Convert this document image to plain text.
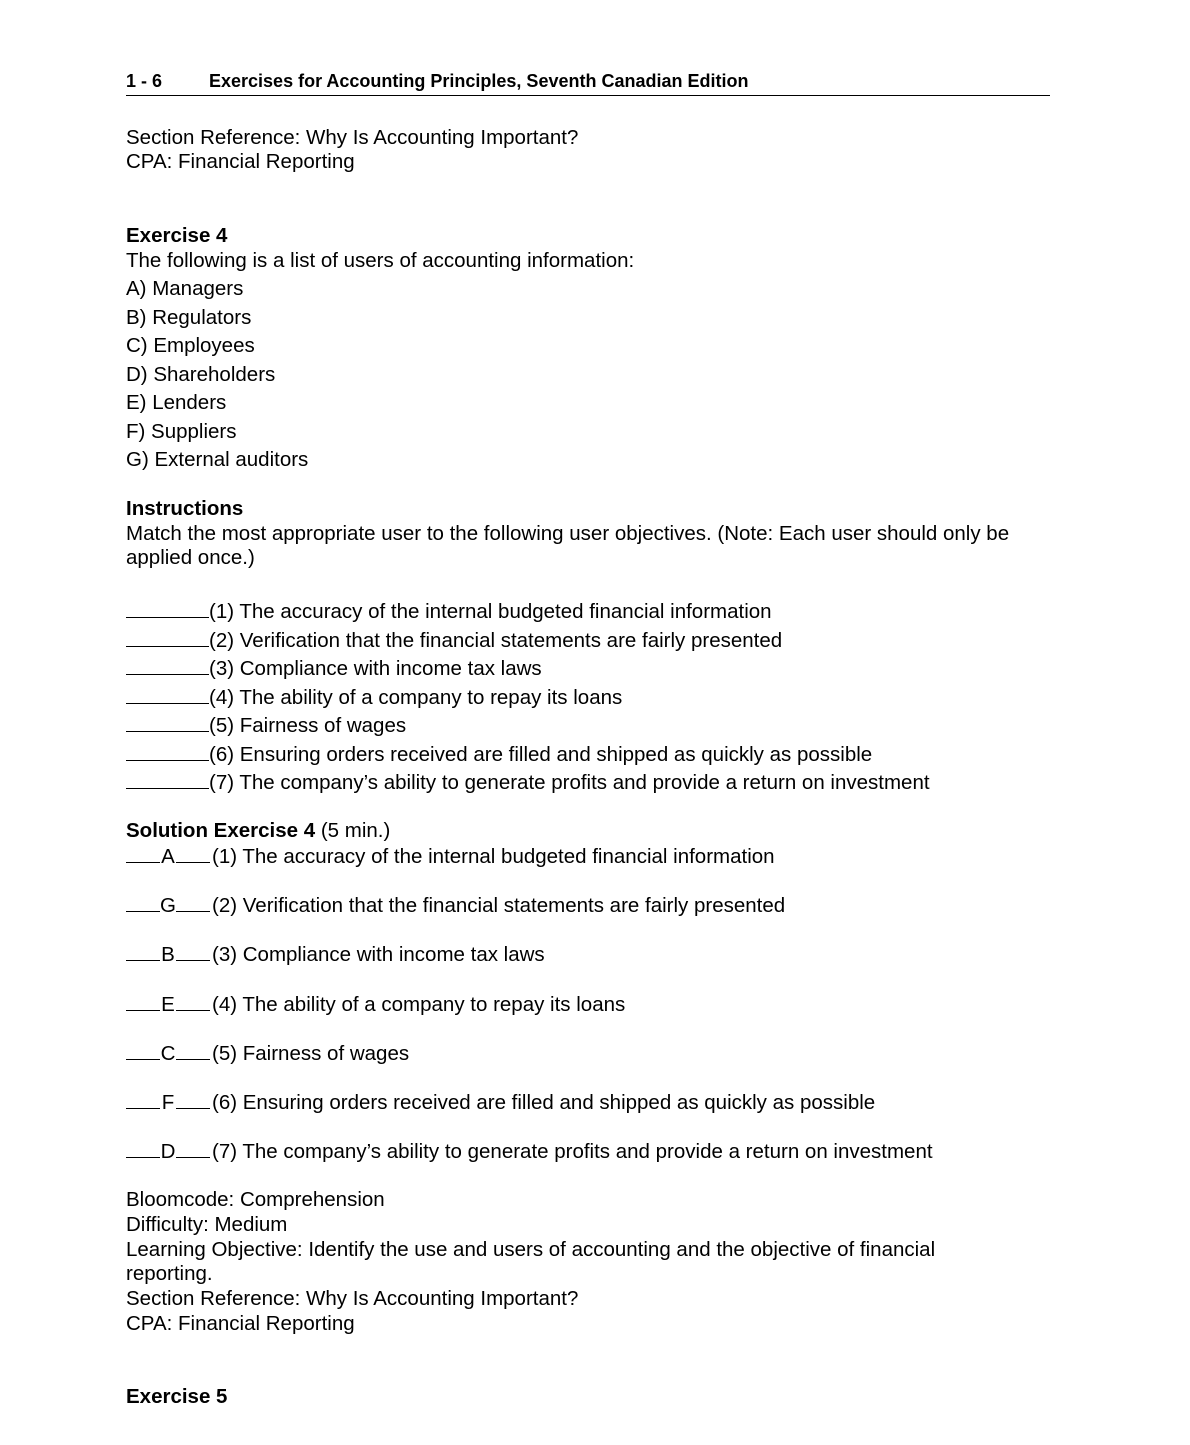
1 - 6	Exercises for Accounting Principles, Seventh Canadian Edition
Section Reference: Why Is Accounting Important?
CPA: Financial Reporting
Exercise 4
The following is a list of users of accounting information:
A) Managers
B) Regulators
C) Employees
D) Shareholders
E) Lenders
F) Suppliers
G) External auditors
Instructions
Match the most appropriate user to the following user objectives. (Note: Each user should only be
applied once.)
(1) The accuracy of the internal budgeted financial information
(2) Verification that the financial statements are fairly presented
(3) Compliance with income tax laws
(4) The ability of a company to repay its loans
(5) Fairness of wages
(6) Ensuring orders received are filled and shipped as quickly as possible
(7) The company’s ability to generate profits and provide a return on investment
Solution Exercise 4 (5 min.)
A (1) The accuracy of the internal budgeted financial information
G (2) Verification that the financial statements are fairly presented
B (3) Compliance with income tax laws
E (4) The ability of a company to repay its loans
C (5) Fairness of wages
F (6) Ensuring orders received are filled and shipped as quickly as possible
D (7) The company’s ability to generate profits and provide a return on investment
Bloomcode: Comprehension
Difficulty: Medium
Learning Objective: Identify the use and users of accounting and the objective of financial
reporting.
Section Reference: Why Is Accounting Important?
CPA: Financial Reporting
Exercise 5
